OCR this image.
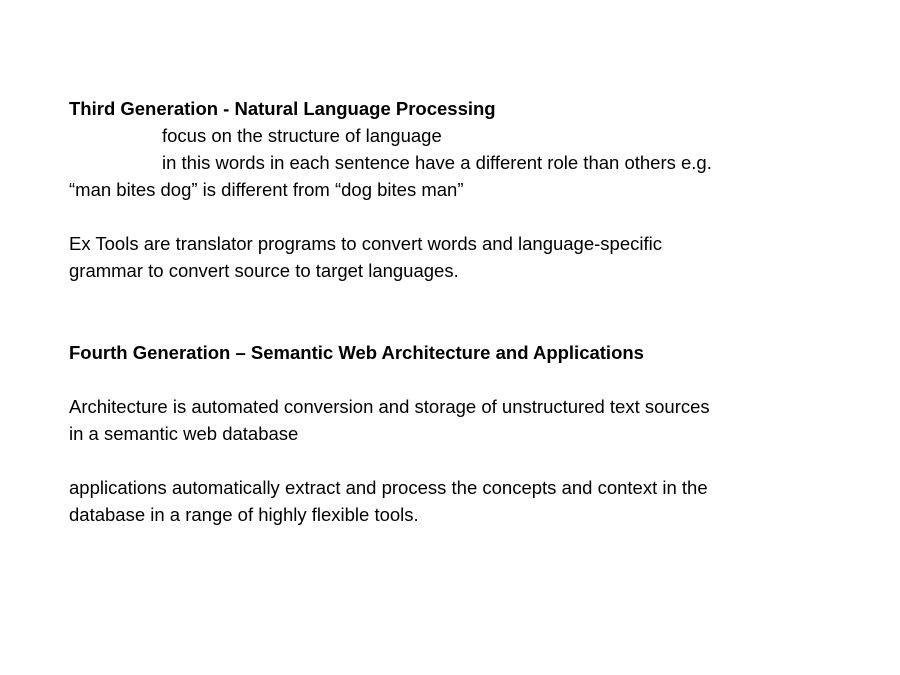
Third Generation - Natural Language Processing
focus on the structure of language
in this words in each sentence have a different role than others e.g.
“man bites dog” is different from “dog bites man”
Ex Tools are translator programs to convert words and language-specific
grammar to convert source to target languages.
Fourth Generation – Semantic Web Architecture and Applications
Architecture is automated conversion and storage of unstructured text sources
in a semantic web database
applications automatically extract and process the concepts and context in the
database in a range of highly flexible tools.
